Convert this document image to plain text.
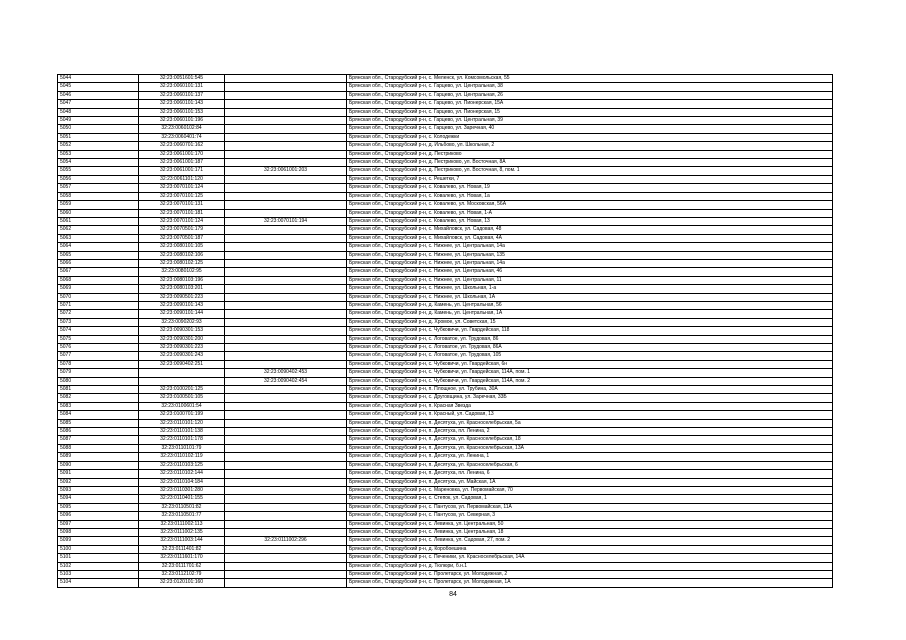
5044	32:23:0051601:545		Брянская обл., Стародубский р-н, с. Меленск, ул. Комсомольская, 55
5045	32:23:0060101:131		Брянская обл., Стародубский р-н, с. Гарцево, ул. Центральная, 38
5046	32:23:0060101:137		Брянская обл., Стародубский р-н, с. Гарцево, ул. Центральная, 26
5047	32:23:0060101:143		Брянская обл., Стародубский р-н, с. Гарцево, ул. Пионерская, 15А
5048	32:23:0060101:153		Брянская обл., Стародубский р-н, с. Гарцево, ул. Пионерская, 15
5049	32:23:0060101:196		Брянская обл., Стародубский р-н, с. Гарцево, ул. Центральная, 39
5050	32:23:0060102:84		Брянская обл., Стародубский р-н, с. Гарцево, ул. Заречная, 40
5051	32:23:0060401:74		Брянская обл., Стародубский р-н, с. Колодежки
5052	32:23:0060701:162		Брянская обл., Стародубский р-н, д. Ильбово, ул. Школьная, 2
5053	32:23:0061001:170		Брянская обл., Стародубский р-н, д. Пестриково
5054	32:23:0061001:187		Брянская обл., Стародубский р-н, д. Пестриково, ул. Восточная, 8А
5055	32:23:0061001:171	32:23:0061001:203	Брянская обл., Стародубский р-н, д. Пестриково, ул. Восточная, 8, пом. 1
5056	32:23:0061101:120		Брянская обл., Стародубский р-н, с. Решетки, 7
5057	32:23:0070101:124		Брянская обл., Стародубский р-н, с. Ковалево, ул. Новая, 19
5058	32:23:0070101:125		Брянская обл., Стародубский р-н, с. Ковалево, ул. Новая, 1а
5059	32:23:0070101:131		Брянская обл., Стародубский р-н, с. Ковалево, ул. Московская, 56А
5060	32:23:0070101:181		Брянская обл., Стародубский р-н, с. Ковалево, ул. Новая, 1-А
5061	32:23:0070101:124	32:23:0070101:194	Брянская обл., Стародубский р-н, с. Ковалево, ул. Новая, 13
5062	32:23:0070501:179		Брянская обл., Стародубский р-н, с. Михайловск, ул. Садовая, 48
5063	32:23:0070501:187		Брянская обл., Стародубский р-н, с. Михайловск, ул. Садовая, 4А
5064	32:23:0080101:105		Брянская обл., Стародубский р-н, с. Нижнее, ул. Центральная, 14а
5065	32:23:0080102:106		Брянская обл., Стародубский р-н, с. Нижнее, ул. Центральная, 135
5066	32:23:0080102:125		Брянская обл., Стародубский р-н, с. Нижнее, ул. Центральная, 14а
5067	32:23:0080102:95		Брянская обл., Стародубский р-н, с. Нижнее, ул. Центральная, 46
5068	32:23:0080103:196		Брянская обл., Стародубский р-н, с. Нижнее, ул. Центральная, 11
5069	32:23:0080103:201		Брянская обл., Стародубский р-н, с. Нижнее, ул. Школьная, 1-а
5070	32:23:0090501:223		Брянская обл., Стародубский р-н, с. Нижнее, ул. Школьная, 1А
5071	32:23:0090101:143		Брянская обл., Стародубский р-н, д. Камень, ул. Центральная, 56
5072	32:23:0090101:144		Брянская обл., Стародубский р-н, д. Камень, ул. Центральная, 1А
5073	32:23:0090202:93		Брянская обл., Стародубский р-н, д. Хромое, ул. Советская, 15
5074	32:23:0090301:153		Брянская обл., Стародубский р-н, с. Чубковичи, ул. Гвардейская, 118
5075	32:23:0090301:200		Брянская обл., Стародубский р-н, с. Логоватое, ул. Трудовая, 86
5076	32:23:0090301:223		Брянская обл., Стародубский р-н, с. Логоватое, ул. Трудовая, 86А
5077	32:23:0090301:243		Брянская обл., Стародубский р-н, с. Логоватое, ул. Трудовая, 105
5078	32:23:0090402:251		Брянская обл., Стародубский р-н, с. Чубковичи, ул. Гвардейская, 6н
5079		32:23:0090402:453	Брянская обл., Стародубский р-н, с. Чубковичи, ул. Гвардейская, 114А, пом. 1
5080		32:23:0090402:454	Брянская обл., Стародубский р-н, с. Чубковичи, ул. Гвардейская, 114А, пом. 2
5081	32:23:0100201:125		Брянская обл., Стародубский р-н, п. Площное, ул. Трубина, 30А
5082	32:23:0100501:105		Брянская обл., Стародубский р-н, с. Друговщина, ул. Заречная, 33Б
5083	32:23:0100601:54		Брянская обл., Стародубский р-н, п. Красная Звезда
5084	32:23:0100701:199		Брянская обл., Стародубский р-н, п. Красный, ул. Садовая, 13
5085	32:23:0110101:120		Брянская обл., Стародубский р-н, п. Десятуха, ул. Красноселебрьская, 5а
5086	32:23:0110101:138		Брянская обл., Стародубский р-н, п. Десятуха, пл. Ленина, 2
5087	32:23:0110101:178		Брянская обл., Стародубский р-н, п. Десятуха, ул. Красноселебрьская, 18
5088	32:23:0110101:79		Брянская обл., Стародубский р-н, п. Десятуха, ул. Красноселебрьская, 13А
5089	32:23:0110102:119		Брянская обл., Стародубский р-н, п. Десятуха, ул. Ленина, 1
5090	32:23:0110103:125		Брянская обл., Стародубский р-н, п. Десятуха, ул. Красноселебрьская, 6
5091	32:23:0110102:144		Брянская обл., Стародубский р-н, п. Десятуха, пл. Ленина, 6
5092	32:23:0110104:184		Брянская обл., Стародубский р-н, п. Десятуха, ул. Майская, 1А
5093	32:23:0110301:280		Брянская обл., Стародубский р-н, с. Мареновка, ул. Первомайская, 70
5094	32:23:0110401:155		Брянская обл., Стародубский р-н, с. Степок, ул. Садовая, 1
5095	32:23:0110501:82		Брянская обл., Стародубский р-н, с. Пантусов, ул. Первомайская, 11А
5096	32:23:0110501:77		Брянская обл., Стародубский р-н, с. Пантусов, ул. Северная, 3
5097	32:23:0111002:113		Брянская обл., Стародубский р-н, с. Левинка, ул. Центральная, 50
5098	32:23:0111002:135		Брянская обл., Стародубский р-н, с. Левинка, ул. Центральная, 18
5099	32:23:0111003:144	32:23:0111002:296	Брянская обл., Стародубский р-н, с. Левинка, ул. Садовая, 27, пом. 2
5100	32:23:0111401:82		Брянская обл., Стародубский р-н, д. Коробоешина
5101	32:23:0111601:170		Брянская обл., Стародубский р-н, с. Печеники, ул. Красноселебрьская, 14А
5102	32:23:0111701:62		Брянская обл., Стародубский р-н, д. Тюлюри, б.н.1
5103	32:23:0112102:79		Брянская обл., Стародубский р-н, с. Пролетарск, ул. Молодежная, 2
5104	32:23:0120101:160		Брянская обл., Стародубский р-н, с. Пролетарск, ул. Молодежная, 1А
84
